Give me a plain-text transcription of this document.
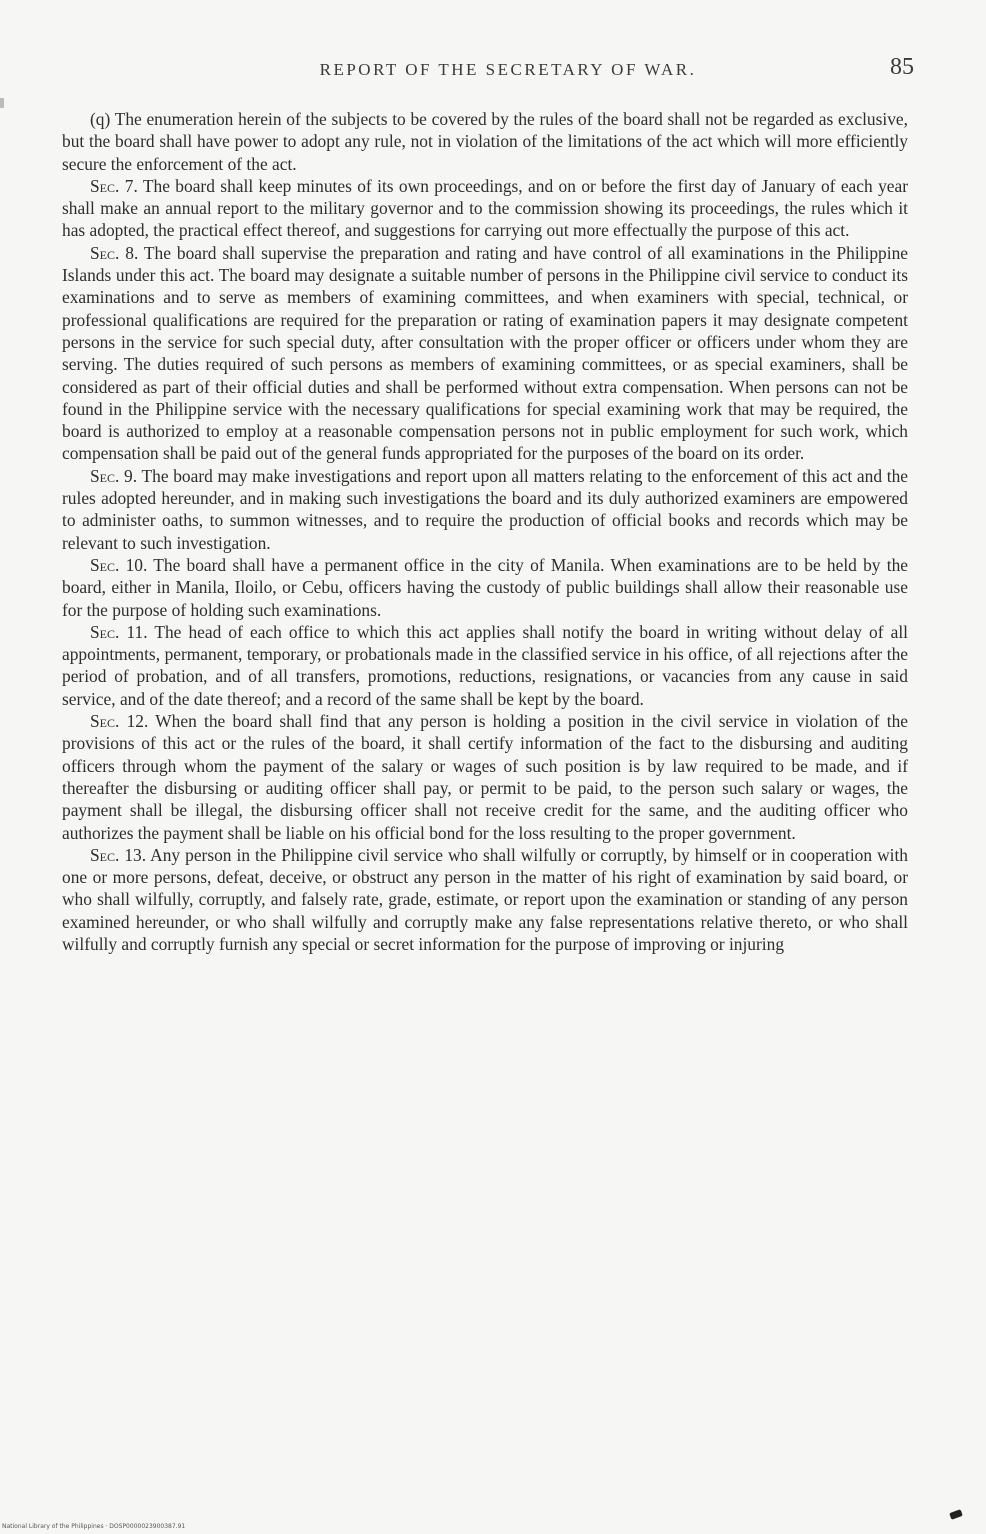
REPORT OF THE SECRETARY OF WAR.	85

(q) The enumeration herein of the subjects to be covered by the rules of the board shall not be regarded as exclusive, but the board shall have power to adopt any rule, not in violation of the limitations of the act which will more efficiently secure the enforcement of the act.

Sec. 7. The board shall keep minutes of its own proceedings, and on or before the first day of January of each year shall make an annual report to the military governor and to the commission showing its proceedings, the rules which it has adopted, the practical effect thereof, and suggestions for carrying out more effectually the purpose of this act.

Sec. 8. The board shall supervise the preparation and rating and have control of all examinations in the Philippine Islands under this act. The board may designate a suitable number of persons in the Philippine civil service to conduct its examinations and to serve as members of examining committees, and when examiners with special, technical, or professional qualifications are required for the preparation or rating of examination papers it may designate competent persons in the service for such special duty, after consultation with the proper officer or officers under whom they are serving. The duties required of such persons as members of examining committees, or as special examiners, shall be considered as part of their official duties and shall be performed without extra compensation. When persons can not be found in the Philippine service with the necessary qualifications for special examining work that may be required, the board is authorized to employ at a reasonable compensation persons not in public employment for such work, which compensation shall be paid out of the general funds appropriated for the purposes of the board on its order.

Sec. 9. The board may make investigations and report upon all matters relating to the enforcement of this act and the rules adopted hereunder, and in making such investigations the board and its duly authorized examiners are empowered to administer oaths, to summon witnesses, and to require the production of official books and records which may be relevant to such investigation.

Sec. 10. The board shall have a permanent office in the city of Manila. When examinations are to be held by the board, either in Manila, Iloilo, or Cebu, officers having the custody of public buildings shall allow their reasonable use for the purpose of holding such examinations.

Sec. 11. The head of each office to which this act applies shall notify the board in writing without delay of all appointments, permanent, temporary, or probationals made in the classified service in his office, of all rejections after the period of probation, and of all transfers, promotions, reductions, resignations, or vacancies from any cause in said service, and of the date thereof; and a record of the same shall be kept by the board.

Sec. 12. When the board shall find that any person is holding a position in the civil service in violation of the provisions of this act or the rules of the board, it shall certify information of the fact to the disbursing and auditing officers through whom the payment of the salary or wages of such position is by law required to be made, and if thereafter the disbursing or auditing officer shall pay, or permit to be paid, to the person such salary or wages, the payment shall be illegal, the disbursing officer shall not receive credit for the same, and the auditing officer who authorizes the payment shall be liable on his official bond for the loss resulting to the proper government.

Sec. 13. Any person in the Philippine civil service who shall wilfully or corruptly, by himself or in cooperation with one or more persons, defeat, deceive, or obstruct any person in the matter of his right of examination by said board, or who shall wilfully, corruptly, and falsely rate, grade, estimate, or report upon the examination or standing of any person examined hereunder, or who shall wilfully and corruptly make any false representations relative thereto, or who shall wilfully and corruptly furnish any special or secret information for the purpose of improving or injuring

National Library of the Philippines · DOSP0000023900387.91
